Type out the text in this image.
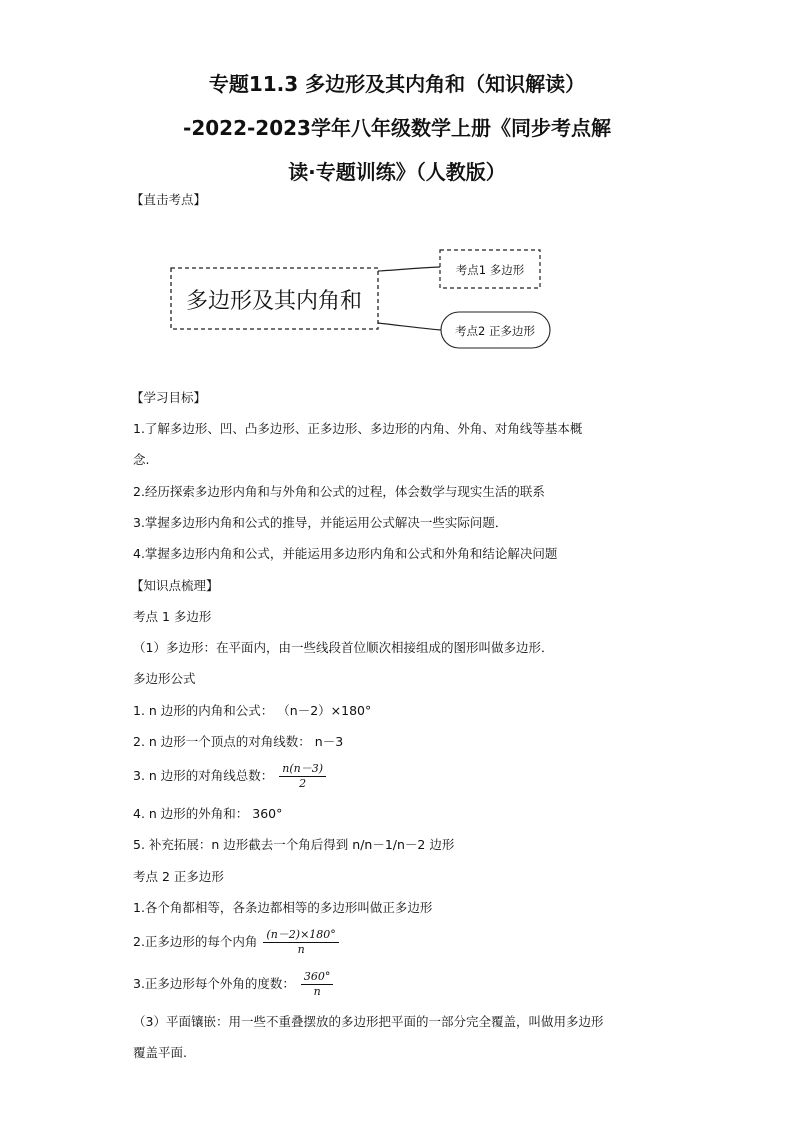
专题11.3 多边形及其内角和（知识解读）
-2022-2023学年八年级数学上册《同步考点解
读·专题训练》（人教版）
【直击考点】
多边形及其内角和
考点1 多边形
考点2 正多边形
【学习目标】
1.了解多边形、凹、凸多边形、正多边形、多边形的内角、外角、对角线等基本概
念.
2.经历探索多边形内角和与外角和公式的过程，体会数学与现实生活的联系
3.掌握多边形内角和公式的推导，并能运用公式解决一些实际问题．
4.掌握多边形内角和公式，并能运用多边形内角和公式和外角和结论解决问题
【知识点梳理】
考点 1 多边形
（1）多边形：在平面内，由一些线段首位顺次相接组成的图形叫做多边形．
多边形公式
1. n 边形的内角和公式： （n－2）×180°
2. n 边形一个顶点的对角线数： n－3
3. n 边形的对角线总数： $\frac{n(n-3)}{2}$
4. n 边形的外角和： 360°
5. 补充拓展：n 边形截去一个角后得到 n/n－1/n－2 边形
考点 2 正多边形
1.各个角都相等，各条边都相等的多边形叫做正多边形
2.正多边形的每个内角 $\frac{(n-2)\times 180^\circ}{n}$
3.正多边形每个外角的度数： $\frac{360^\circ}{n}$
（3）平面镶嵌：用一些不重叠摆放的多边形把平面的一部分完全覆盖，叫做用多边形
覆盖平面.
